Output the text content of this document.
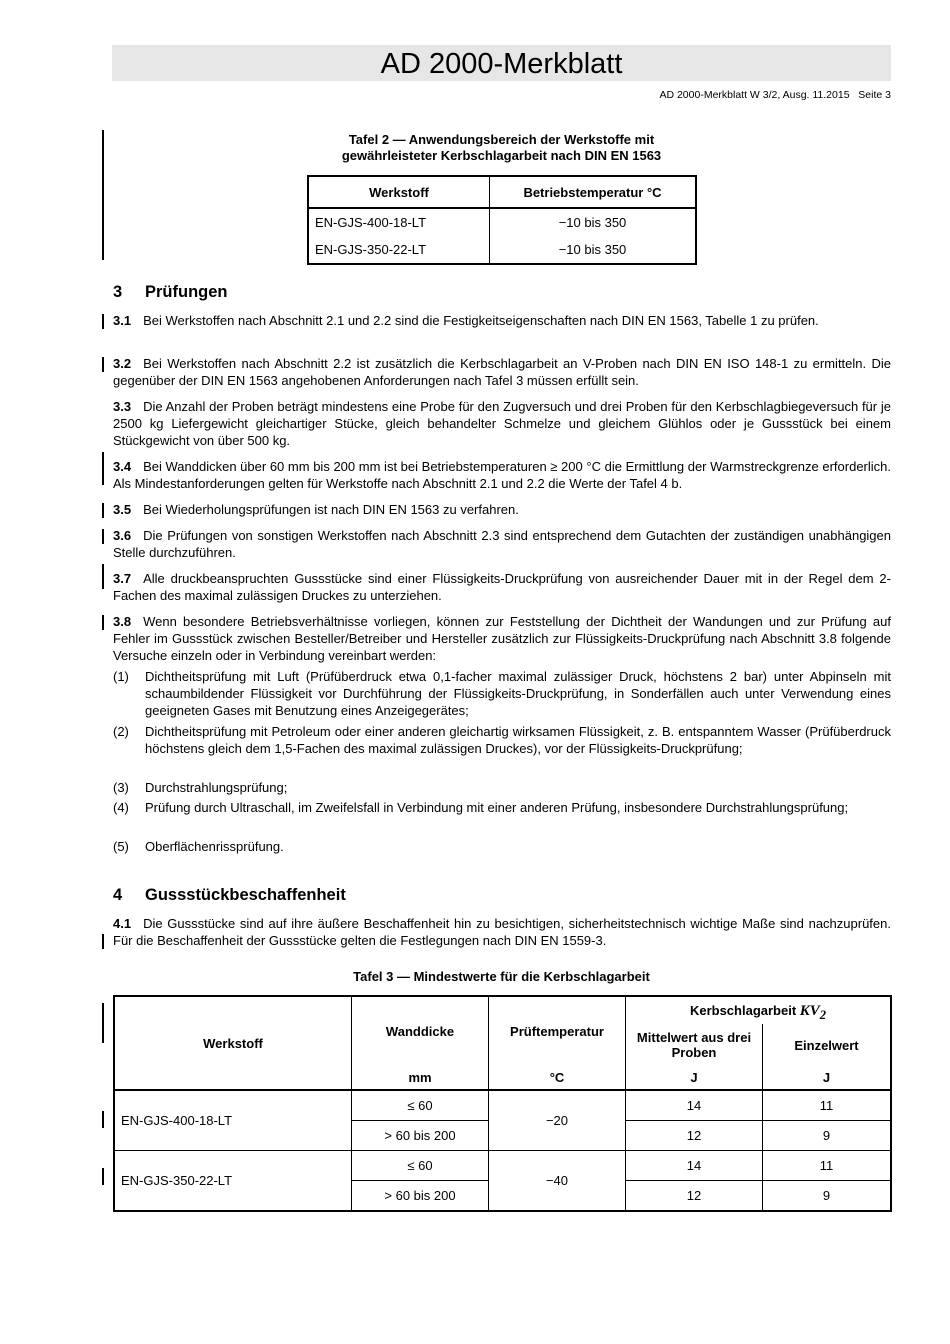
AD 2000-Merkblatt
AD 2000-Merkblatt W 3/2, Ausg. 11.2015   Seite 3
Tafel 2 — Anwendungsbereich der Werkstoffe mit
gewährleisteter Kerbschlagarbeit nach DIN EN 1563
Werkstoff	Betriebstemperatur °C
EN-GJS-400-18-LT	−10 bis 350
EN-GJS-350-22-LT	−10 bis 350
3 Prüfungen
3.1 Bei Werkstoffen nach Abschnitt 2.1 und 2.2 sind die Festigkeitseigenschaften nach DIN EN 1563, Tabelle 1 zu prüfen.
3.2 Bei Werkstoffen nach Abschnitt 2.2 ist zusätzlich die Kerbschlagarbeit an V-Proben nach DIN EN ISO 148-1 zu ermitteln. Die gegenüber der DIN EN 1563 angehobenen Anforderungen nach Tafel 3 müssen erfüllt sein.
3.3 Die Anzahl der Proben beträgt mindestens eine Probe für den Zugversuch und drei Proben für den Kerbschlagbiegeversuch für je 2500 kg Liefergewicht gleichartiger Stücke, gleich behandelter Schmelze und gleichem Glühlos oder je Gussstück bei einem Stückgewicht von über 500 kg.
3.4 Bei Wanddicken über 60 mm bis 200 mm ist bei Betriebstemperaturen ≥ 200 °C die Ermittlung der Warmstreckgrenze erforderlich. Als Mindestanforderungen gelten für Werkstoffe nach Abschnitt 2.1 und 2.2 die Werte der Tafel 4 b.
3.5 Bei Wiederholungsprüfungen ist nach DIN EN 1563 zu verfahren.
3.6 Die Prüfungen von sonstigen Werkstoffen nach Abschnitt 2.3 sind entsprechend dem Gutachten der zuständigen unabhängigen Stelle durchzuführen.
3.7 Alle druckbeanspruchten Gussstücke sind einer Flüssigkeits-Druckprüfung von ausreichender Dauer mit in der Regel dem 2-Fachen des maximal zulässigen Druckes zu unterziehen.
3.8 Wenn besondere Betriebsverhältnisse vorliegen, können zur Feststellung der Dichtheit der Wandungen und zur Prüfung auf Fehler im Gussstück zwischen Besteller/Betreiber und Hersteller zusätzlich zur Flüssigkeits-Druckprüfung nach Abschnitt 3.8 folgende Versuche einzeln oder in Verbindung vereinbart werden:
(1)	Dichtheitsprüfung mit Luft (Prüfüberdruck etwa 0,1-facher maximal zulässiger Druck, höchstens 2 bar) unter Abpinseln mit schaumbildender Flüssigkeit vor Durchführung der Flüssigkeits-Druckprüfung, in Sonderfällen auch unter Verwendung eines geeigneten Gases mit Benutzung eines Anzeigegerätes;
(2)	Dichtheitsprüfung mit Petroleum oder einer anderen gleichartig wirksamen Flüssigkeit, z. B. entspanntem Wasser (Prüfüberdruck höchstens gleich dem 1,5-Fachen des maximal zulässigen Druckes), vor der Flüssigkeits-Druckprüfung;
(3)	Durchstrahlungsprüfung;
(4)	Prüfung durch Ultraschall, im Zweifelsfall in Verbindung mit einer anderen Prüfung, insbesondere Durchstrahlungsprüfung;
(5)	Oberflächenrissprüfung.
4 Gussstückbeschaffenheit
4.1 Die Gussstücke sind auf ihre äußere Beschaffenheit hin zu besichtigen, sicherheitstechnisch wichtige Maße sind nachzuprüfen. Für die Beschaffenheit der Gussstücke gelten die Festlegungen nach DIN EN 1559-3.
Tafel 3 — Mindestwerte für die Kerbschlagarbeit
Werkstoff	Wanddicke	Prüftemperatur	Kerbschlagarbeit $KV_2$
			Mittelwert aus drei Proben	Einzelwert
	mm	°C	J	J
EN-GJS-400-18-LT	≤ 60	−20	14	11
	> 60 bis 200		12	9
EN-GJS-350-22-LT	≤ 60	−40	14	11
	> 60 bis 200		12	9
